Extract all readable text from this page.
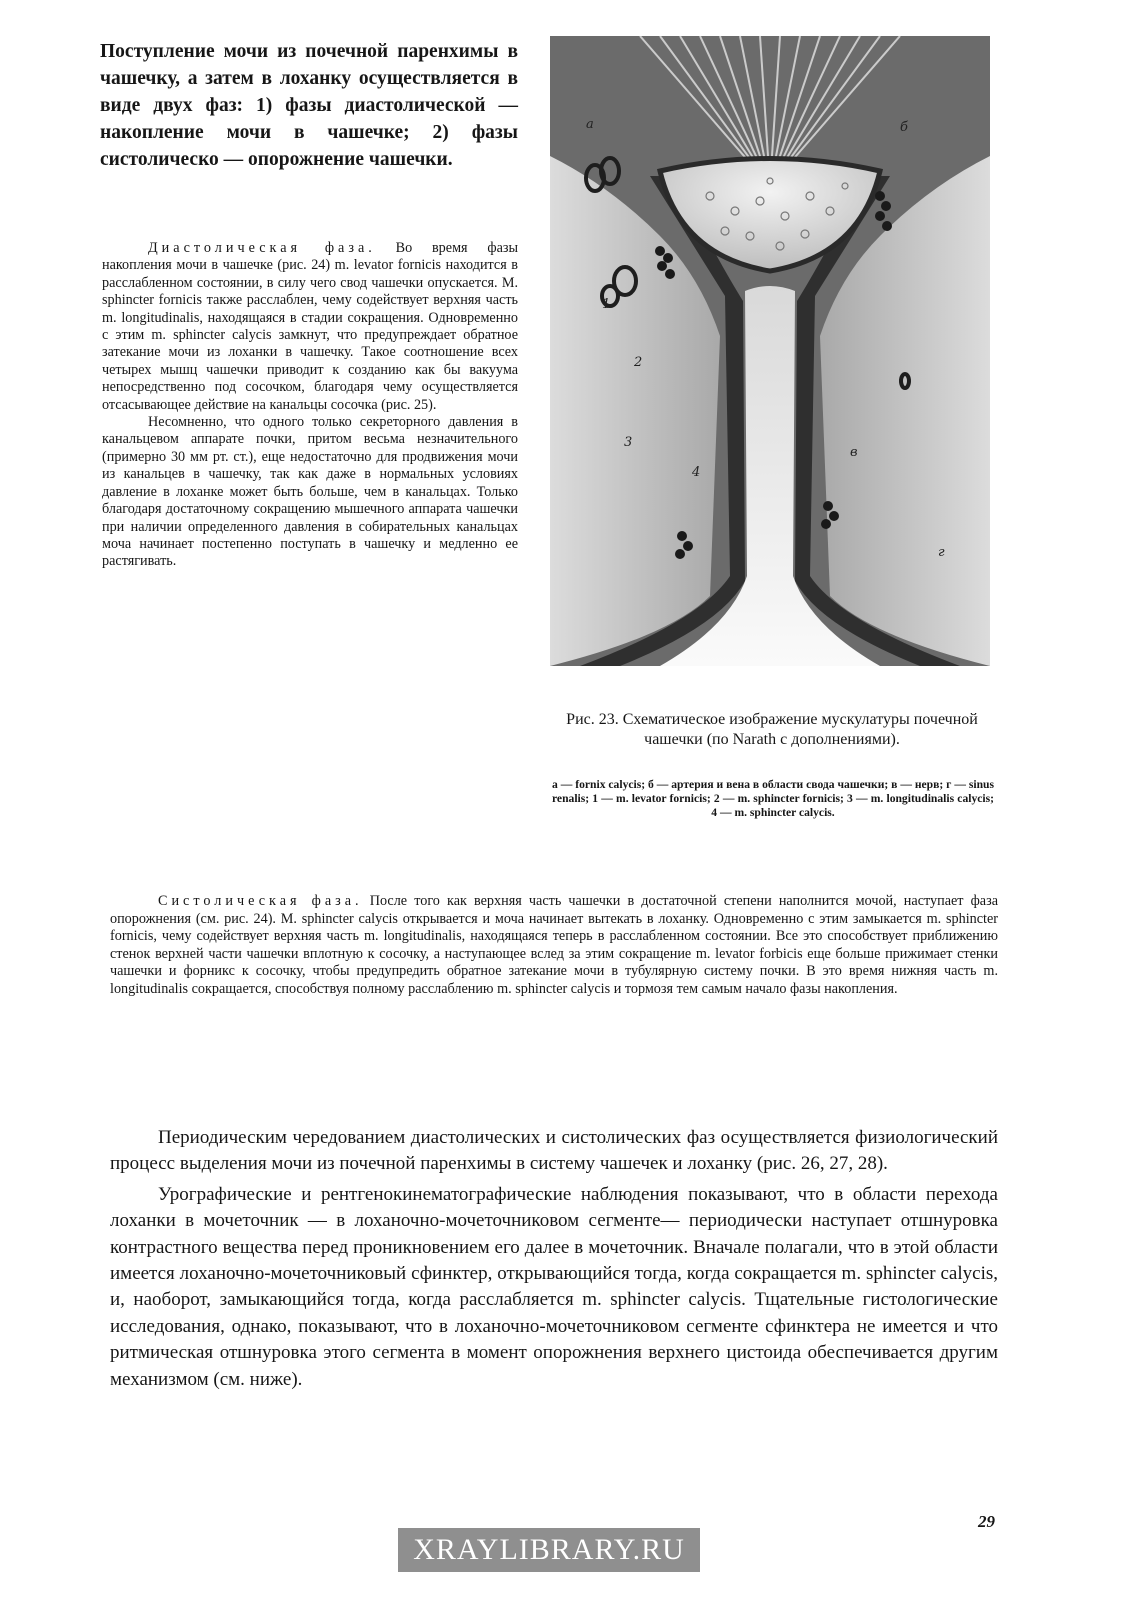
Поступление мочи из почечной паренхимы в чашечку, а затем в лоханку осуществляется в виде двух фаз: 1) фазы диастолической — накопление мочи в чашечке; 2) фазы систолическо — опорожнение чашечки.

Диастолическая фаза. Во время фазы накопления мочи в чашечке (рис. 24) m. levator fornicis находится в расслабленном состоянии, в силу чего свод чашечки опускается. M. sphincter fornicis также расслаблен, чему содействует верхняя часть m. longitudinalis, находящаяся в стадии сокращения. Одновременно с этим m. sphincter calycis замкнут, что предупреждает обратное затекание мочи из лоханки в чашечку. Такое соотношение всех четырех мышц чашечки приводит к созданию как бы вакуума непосредственно под сосочком, благодаря чему осуществляется отсасывающее действие на канальцы сосочка (рис. 25).

Несомненно, что одного только секреторного давления в канальцевом аппарате почки, притом весьма незначительного (примерно 30 мм рт. ст.), еще недостаточно для продвижения мочи из канальцев в чашечку, так как даже в нормальных условиях давление в лоханке может быть больше, чем в канальцах. Только благодаря достаточному сокращению мышечного аппарата чашечки при наличии определенного давления в собирательных канальцах моча начинает постепенно поступать в чашечку и медленно ее растягивать.

1
2
3
4
а	б
в
г

Рис. 23. Схематическое изображение мускулатуры почечной чашечки (по Narath с дополнениями).

а — fornix calycis; б — артерия и вена в области свода чашечки; в — нерв; г — sinus renalis; 1 — m. levator fornicis; 2 — m. sphincter fornicis; 3 — m. longitudinalis calycis; 4 — m. sphincter calycis.

Систолическая фаза. После того как верхняя часть чашечки в достаточной степени наполнится мочой, наступает фаза опорожнения (см. рис. 24). M. sphincter calycis открывается и моча начинает вытекать в лоханку. Одновременно с этим замыкается m. sphincter fornicis, чему содействует верхняя часть m. longitudinalis, находящаяся теперь в расслабленном состоянии. Все это способствует приближению стенок верхней части чашечки вплотную к сосочку, а наступающее вслед за этим сокращение m. levator forbicis еще больше прижимает стенки чашечки и форникс к сосочку, чтобы предупредить обратное затекание мочи в тубулярную систему почки. В это время нижняя часть m. longitudinalis сокращается, способствуя полному расслаблению m. sphincter calycis и тормозя тем самым начало фазы накопления.

Периодическим чередованием диастолических и систолических фаз осуществляется физиологический процесс выделения мочи из почечной паренхимы в систему чашечек и лоханку (рис. 26, 27, 28).

Урографические и рентгенокинематографические наблюдения показывают, что в области перехода лоханки в мочеточник — в лоханочно-мочеточниковом сегменте— периодически наступает отшнуровка контрастного вещества перед проникновением его далее в мочеточник. Вначале полагали, что в этой области имеется лоханочно-мочеточниковый сфинктер, открывающийся тогда, когда сокращается m. sphincter calycis, и, наоборот, замыкающийся тогда, когда расслабляется m. sphincter calycis. Тщательные гистологические исследования, однако, показывают, что в лоханочно-мочеточниковом сегменте сфинктера не имеется и что ритмическая отшнуровка этого сегмента в момент опорожнения верхнего цистоида обеспечивается другим механизмом (см. ниже).

29
XRAYLIBRARY.RU
